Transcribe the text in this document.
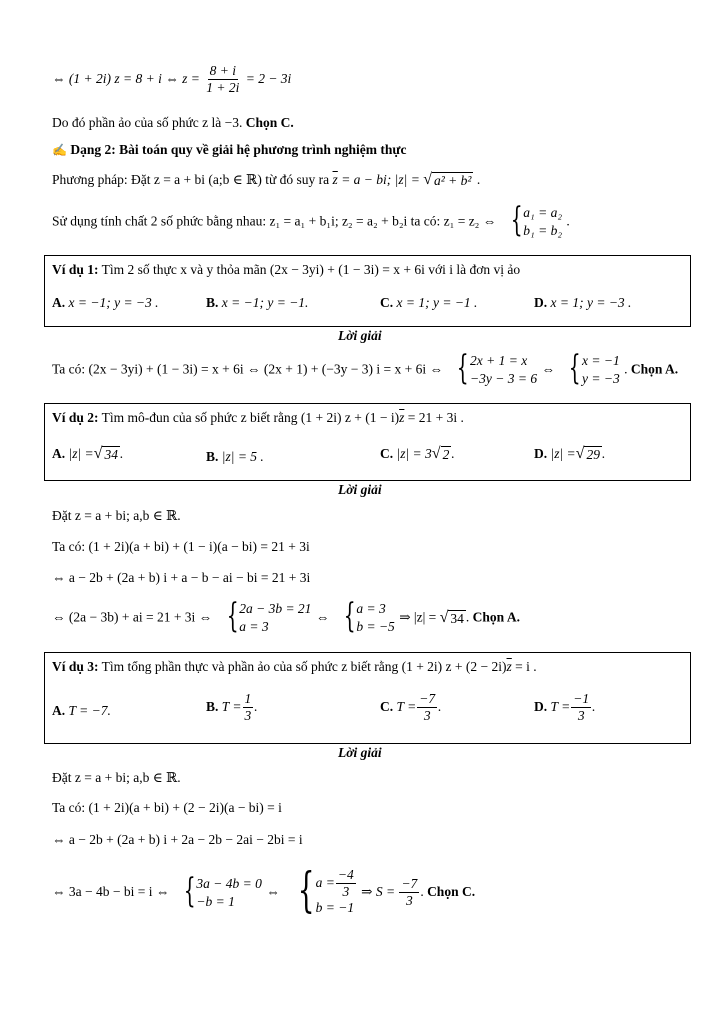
⇔ (1 + 2i) z = 8 + i ⇔ $z = \frac{8 + i}{1 + 2i} = 2 - 3i$
Do đó phần ảo của số phức z là −3. Chọn C.
✍ Dạng 2: Bài toán quy về giải hệ phương trình nghiệm thực
Phương pháp: Đặt z = a + bi (a;b ∈ ℝ) từ đó suy ra $\overline{z} = a$ − bi; |z| = √ a² + b² .
Sử dụng tính chất 2 số phức bằng nhau: z₁ = a₁ + b₁i; z₂ = a₂ + b₂i ta có: z₁ = z₂ ⇔ { a₁ = a₂
b₁ = b₂
.
Ví dụ 1: Tìm 2 số thực x và y thỏa mãn (2x − 3yi) + (1 − 3i) = x + 6i với i là đơn vị ảo
A. x = −1; y = −3 .	B. x = −1; y = −1.	C. x = 1; y = −1 .	D. x = 1; y = −3 .
Lời giải
Ta có: (2x − 3yi) + (1 − 3i) = x + 6i ⇔ (2x + 1) + (−3y − 3) i = x + 6i ⇔ { 2x + 1 = x
−3y − 3 = 6
⇔ { x = −1
y = −3
. Chọn A.
Ví dụ 2: Tìm mô-đun của số phức z biết rằng (1 + 2i) $z + (1 - i)\overline{z} = 21 + 3i$ .
A. |z| = √ 34 .	B. |z| = 5 .	C. |z| = 3 √ 2 .	D. |z| = √ 29 .
Lời giải
Đặt z = a + bi; a,b ∈ ℝ.
Ta có: (1 + 2i)(a + bi) + (1 − i)(a − bi) = 21 + 3i
⇔ a − 2b + (2a + b) i + a − b − ai − bi = 21 + 3i
⇔ (2a − 3b) + ai = 21 + 3i ⇔ { 2a − 3b = 21
a = 3
⇔ { a = 3
b = −5
⇒ |z| = √ 34 . Chọn A.
Ví dụ 3: Tìm tổng phần thực và phần ảo của số phức z biết rằng (1 + 2i) $z + (2 - 2i)\overline{z} = i$ .
A. T = −7.	B. $T = \frac{1}{3}$ .	C. $T = \frac{-7}{3}$ .	D. $T = \frac{-1}{3}$ .
Lời giải
Đặt z = a + bi; a,b ∈ ℝ.
Ta có: (1 + 2i)(a + bi) + (2 − 2i)(a − bi) = i
⇔ a − 2b + (2a + b) i + 2a − 2b − 2ai − 2bi = i
⇔ 3a − 4b − bi = i ⇔ { 3a − 4b = 0
−b = 1
⇔ { $a = \frac{-4}{3}$
b = −1
⇒ $S = \frac{-7}{3}$ . Chọn C.
